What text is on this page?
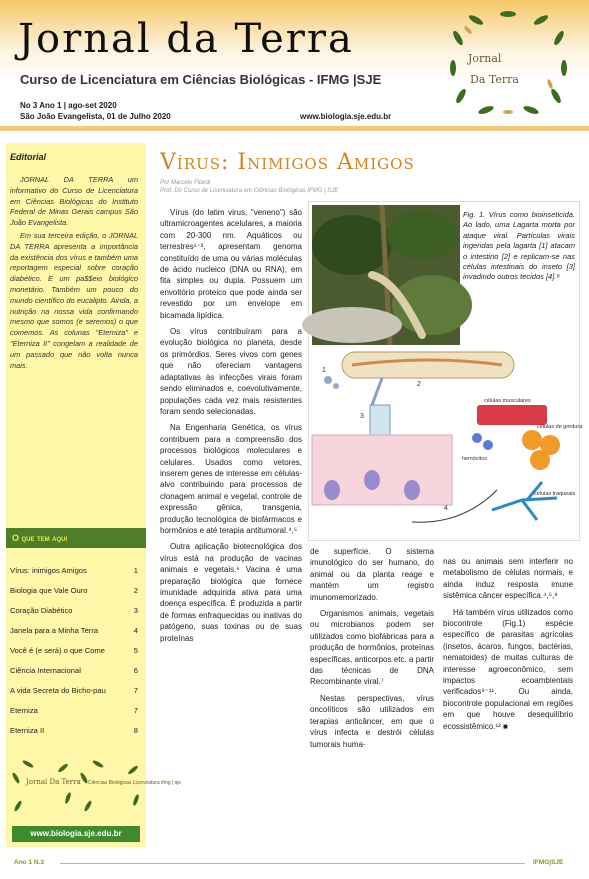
Jornal da Terra
Curso de Licenciatura em Ciências Biológicas - IFMG |SJE
No 3 Ano 1 | ago-set 2020
São João Evangelista, 01 de Julho 2020	www.biologia.sje.edu.br
Jornal
Da Terra
Editorial

JORNAL DA TERRA um informativo do Curso de Licenciatura em Ciências Biológicas do Instituto Federal de Minas Gerais campus São João Evangelista.

Em sua terceira edição, o JORNAL DA TERRA apresenta a importância da existência dos vírus e também uma reportagem especial sobre coração diabético. E um pa$$eio biológico monetário. Também um pouco do mundo científico do eucalipto. Ainda, a nutrição na nossa vida confirmando mesmo que somos (e seremos) o que comemos. As colunas "Eterniza" e "Eterniza II" congelam a realidade de um passado que não volta nunca mais.

O que tem aqui
Vírus: inimigos Amigos	1
Biologia que Vale Ouro	2
Coração Diabético	3
Janela para a Minha Terra	4
Você é (e será) o que Come	5
Ciência Internacional	6
A vida Secreta do Bicho-pau	7
Eterniza	7
Eterniza II	8
Jornal Da Terra Ciências Biológicas Licenciatura ifmg | sje
www.biologia.sje.edu.br
Vírus: Inimigos Amigos
Por Marcelo Filardi
Prof. Do Curso de Licenciatura em Ciências Biológicas IFMG | SJE

Vírus (do latim virus, "veneno") são ultramicroagentes acelulares, a maioria com 20-300 nm. Aquáticos ou terrestres¹⁻³, apresentam genoma constituído de uma ou várias moléculas de ácido nucleico (DNA ou RNA), em fita simples ou dupla. Possuem um envoltório proteico que pode ainda ser revestido por um envelope em bicamada lipídica.

Os vírus contribuíram para a evolução biológica no planeta, desde os primórdios. Seres vivos com genes que não ofereciam vantagens adaptativas às infecções virais foram sendo eliminados e, coevolutivamente, populações cada vez mais resistentes foram sendo selecionadas.

Na Engenharia Genética, os vírus contribuem para a compreensão dos processos biológicos moleculares e celulares. Usados como vetores, inserem genes de interesse em células-alvo contribuindo para processos de clonagem animal e vegetal, controle de expressão gênica, transgenia, produção tecnológica de biofármacos e hormônios e até terapia antitumoral.⁴,⁵

Outra aplicação biotecnológica dos vírus está na produção de vacinas animais e vegetais.⁶ Vacina é uma preparação biológica que fornece imunidade adquirida ativa para uma doença específica. É produzida a partir de formas enfraquecidas ou inativas do patógeno, suas toxinas ou de suas proteínas

Fig. 1. Vírus como bioinseticida. Ao lado, uma Lagarta morta por ataque viral. Partículas virais ingeridas pela lagarta [1] atacam o intestino [2] e replicam-se nas células intestinais do inseto [3] invadindo outros tecidos [4].⁹
1
2
3
4
células musculares
células de gordura
hemócitos
células traqueais

de superfície. O sistema imunológico do ser humano, do animal ou da planta reage e mantém um registro imunomemorizado.

Organismos animais, vegetais ou microbianos podem ser utilizados como biofábricas para a produção de hormônios, proteínas específicas, anticorpos etc. a partir das técnicas de DNA Recombinante viral.⁷

Nestas perspectivas, vírus oncolíticos são utilizados em terapias anticâncer, em que o vírus infecta e destrói células tumorais huma-

nas ou animais sem interferir no metabolismo de células normais, e ainda induz resposta imune sistêmica câncer específica.⁴,⁵,⁸

Há também vírus utilizados como biocontrole (Fig.1) espécie específico de parasitas agrícolas (insetos, ácaros, fungos, bactérias, nematoides) de muitas culturas de interesse agroeconômico, sem impactos ecoambientais verificados⁹⁻¹¹. Ou ainda, biocontrole populacional em regiões em que houve desequilíbrio ecossistêmico.¹² ■

Ano 1 N.3	IFMG|SJE
